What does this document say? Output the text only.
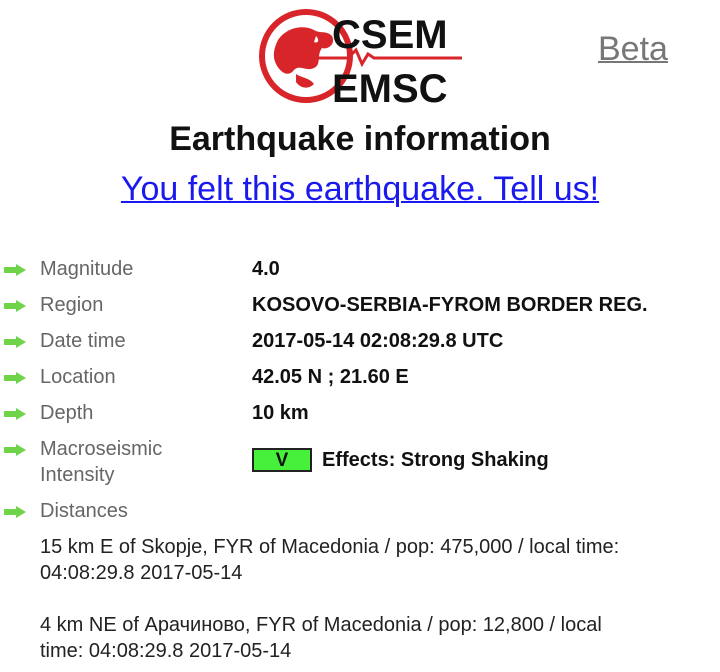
CSEM
EMSC
Beta
Earthquake information
You felt this earthquake. Tell us!
Magnitude	4.0
Region	KOSOVO-SERBIA-FYROM BORDER REG.
Date time	2017-05-14 02:08:29.8 UTC
Location	42.05 N ; 21.60 E
Depth	10 km
Macroseismic
Intensity
V	Effects: Strong Shaking
Distances
15 km E of Skopje, FYR of Macedonia / pop: 475,000 / local time:
04:08:29.8 2017-05-14
4 km NE of Арачиново, FYR of Macedonia / pop: 12,800 / local
time: 04:08:29.8 2017-05-14
